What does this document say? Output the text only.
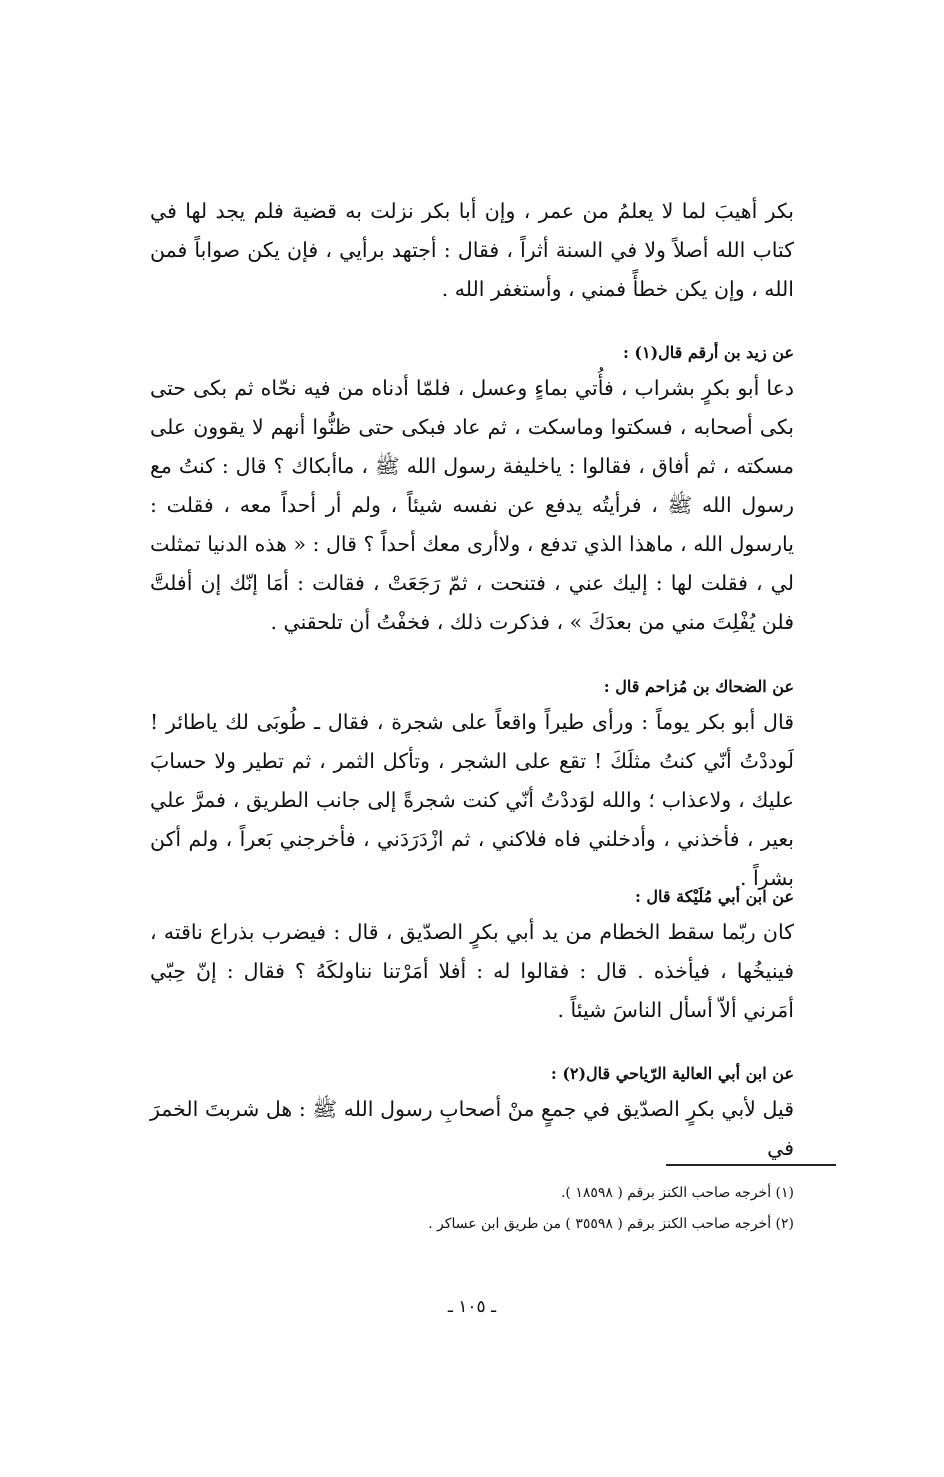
بكر أهيبَ لما لا يعلمُ من عمر ، وإن أبا بكر نزلت به قضية فلم يجد لها في كتاب الله أصلاً ولا في السنة أثراً ، فقال : أجتهد برأيي ، فإن يكن صواباً فمن الله ، وإن يكن خطأً فمني ، وأستغفر الله .
عن زيد بن أرقم قال(١) :
دعا أبو بكرٍ بشراب ، فأُتي بماءٍ وعسل ، فلمّا أدناه من فيه نحّاه ثم بكى حتى بكى أصحابه ، فسكتوا وماسكت ، ثم عاد فبكى حتى ظنُّوا أنهم لا يقوون على مسكته ، ثم أفاق ، فقالوا : ياخليفة رسول الله ﷺ ، ماأبكاك ؟ قال : كنتُ مع رسول الله ﷺ ، فرأيتُه يدفع عن نفسه شيئاً ، ولم أر أحداً معه ، فقلت : يارسول الله ، ماهذا الذي تدفع ، ولاأرى معك أحداً ؟ قال : « هذه الدنيا تمثلت لي ، فقلت لها : إليك عني ، فتنحت ، ثمّ رَجَعَتْ ، فقالت : أمَا إنّك إن أفلتَّ فلن يُفْلِتَ مني من بعدَكَ » ، فذكرت ذلك ، فخفْتُ أن تلحقني .
عن الضحاك بن مُزاحم قال :
قال أبو بكر يوماً : ورأى طيراً واقعاً على شجرة ، فقال ـ طُوبَى لك ياطائر ! لَوددْتُ أنّي كنتُ مثلَكَ ! تقع على الشجر ، وتأكل الثمر ، ثم تطير ولا حسابَ عليك ، ولاعذاب ؛ والله لوَددْتُ أنّي كنت شجرةً إلى جانب الطريق ، فمرَّ علي بعير ، فأخذني ، وأدخلني فاه فلاكني ، ثم ازْدَرَدَني ، فأخرجني بَعراً ، ولم أكن بشراً .
عن ابن أبي مُلَيْكة قال :
كان ربّما سقط الخطام من يد أبي بكرٍ الصدّيق ، قال : فيضرب بذراع ناقته ، فينيخُها ، فيأخذه . قال : فقالوا له : أفلا أمَرْتنا نناولكَهُ ؟ فقال : إنّ حِبّي أمَرني ألاّ أسأل الناسَ شيئاً .
عن ابن أبي العالية الرّياحي قال(٢) :
قيل لأبي بكرٍ الصدّيق في جمعٍ منْ أصحابِ رسول الله ﷺ : هل شربتَ الخمرَ في
(١) أخرجه صاحب الكنز برقم ( ١٨٥٩٨ ).
(٢) أخرجه صاحب الكنز برقم ( ٣٥٥٩٨ ) من طريق ابن عساكر .
ـ ١٠٥ ـ
